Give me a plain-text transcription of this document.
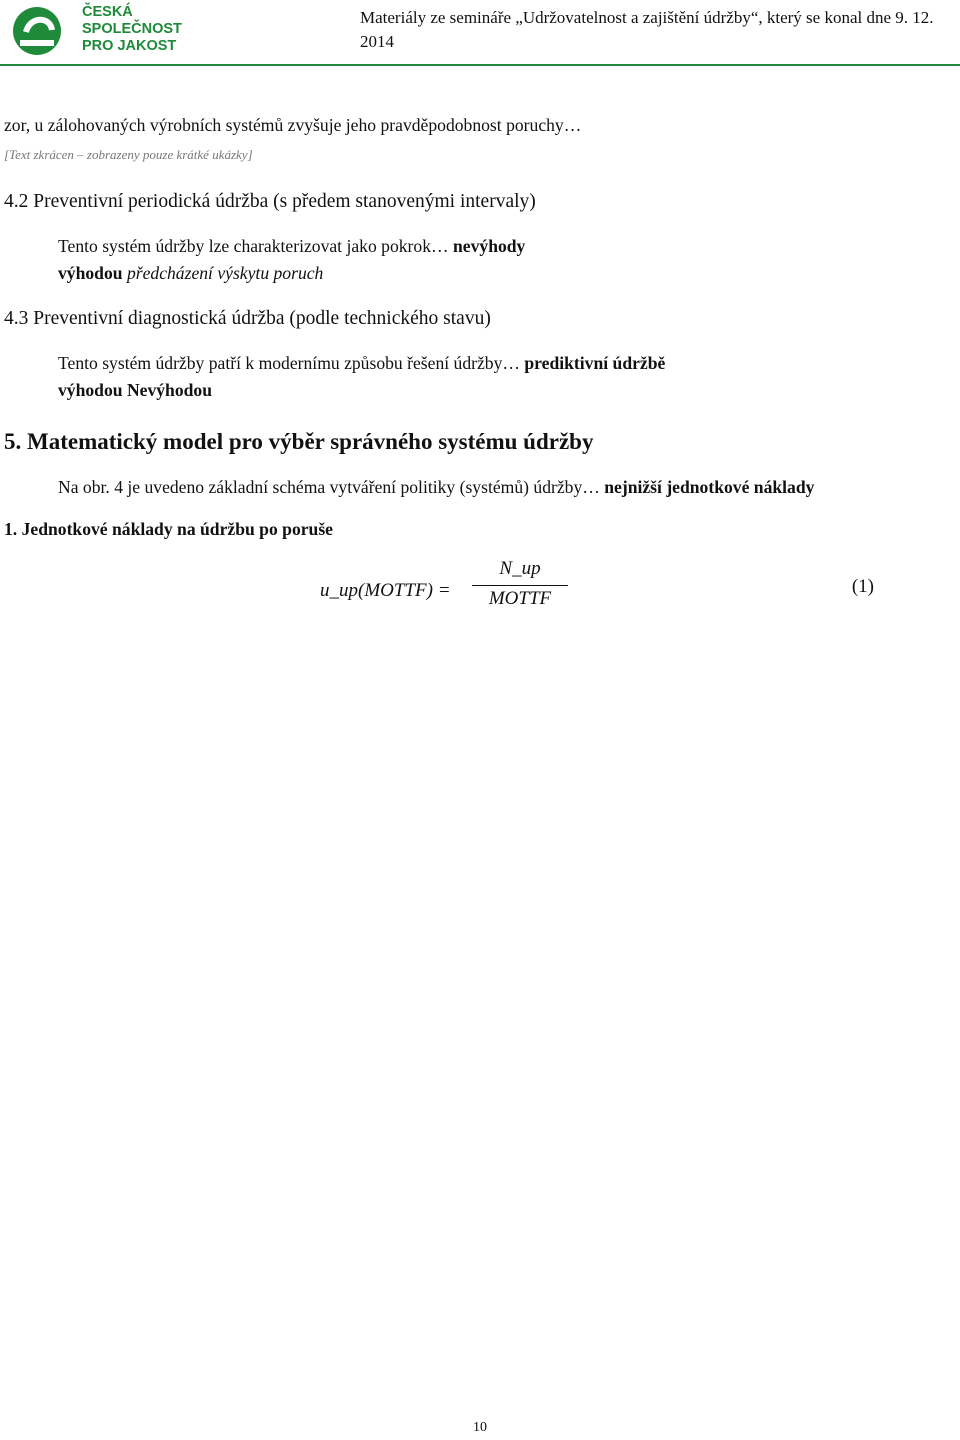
ČESKÁ
SPOLEČNOST
PRO JAKOST
Materiály ze semináře „Udržovatelnost a zajištění údržby“, který se konal dne 9. 12. 2014

zor, u zálohovaných výrobních systémů zvyšuje jeho pravděpodobnost poruchy…

[Text zkrácen – zobrazeny pouze krátké ukázky]
4.2 Preventivní periodická údržba (s předem stanovenými intervaly)

Tento systém údržby lze charakterizovat jako pokrok… nevýhody

výhodou předcházení výskytu poruch

4.3 Preventivní diagnostická údržba (podle technického stavu)

Tento systém údržby patří k modernímu způsobu řešení údržby… prediktivní údržbě

výhodou Nevýhodou

5. Matematický model pro výběr správného systému údržby

Na obr. 4 je uvedeno základní schéma vytváření politiky (systémů) údržby… nejnižší jednotkové náklady

1. Jednotkové náklady na údržbu po poruše

u_up(MOTTF) =
N_up
MOTTF
(1)
10
